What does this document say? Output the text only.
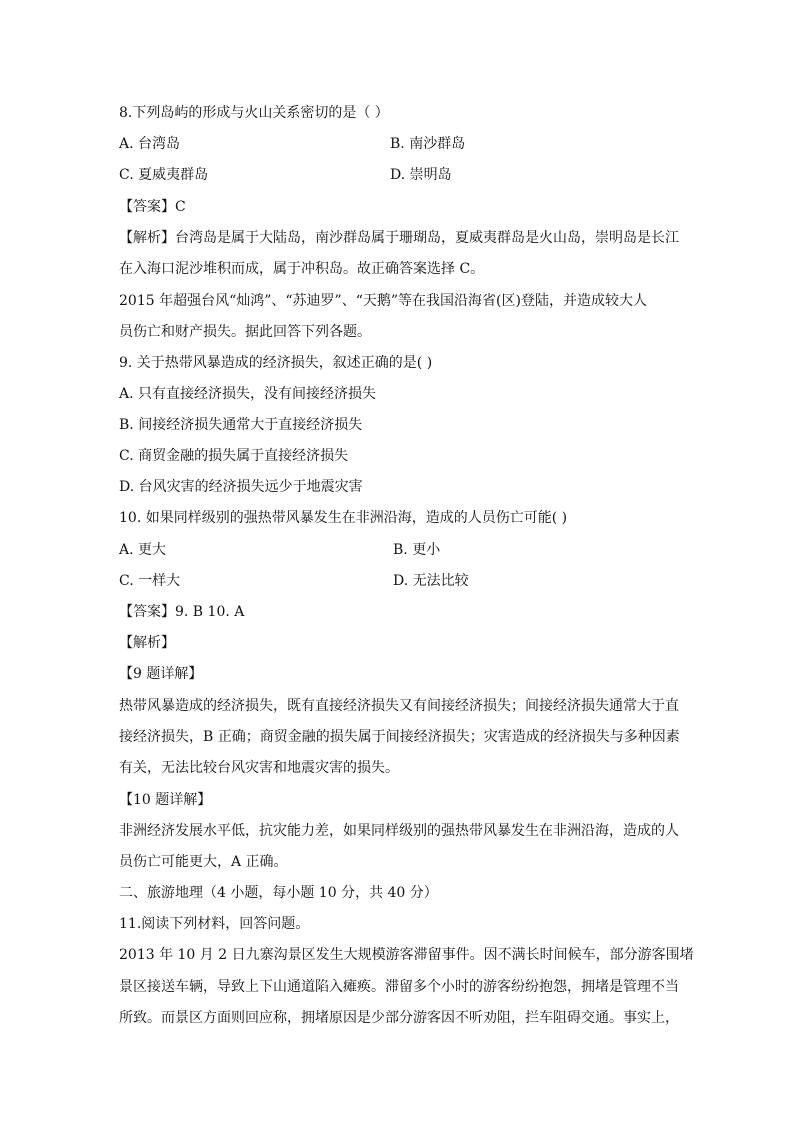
8.下列岛屿的形成与火山关系密切的是（ ）
A. 台湾岛	B. 南沙群岛
C. 夏威夷群岛	D. 崇明岛
【答案】C
【解析】台湾岛是属于大陆岛，南沙群岛属于珊瑚岛，夏威夷群岛是火山岛，崇明岛是长江
在入海口泥沙堆积而成，属于冲积岛。故正确答案选择 C。
2015 年超强台风“灿鸿”、“苏迪罗”、“天鹅”等在我国沿海省(区)登陆，并造成较大人
员伤亡和财产损失。据此回答下列各题。
9. 关于热带风暴造成的经济损失，叙述正确的是( )
A. 只有直接经济损失，没有间接经济损失
B. 间接经济损失通常大于直接经济损失
C. 商贸金融的损失属于直接经济损失
D. 台风灾害的经济损失远少于地震灾害
10. 如果同样级别的强热带风暴发生在非洲沿海，造成的人员伤亡可能( )
A. 更大	B. 更小
C. 一样大	D. 无法比较
【答案】9. B 10. A
【解析】
【9 题详解】
热带风暴造成的经济损失，既有直接经济损失又有间接经济损失；间接经济损失通常大于直
接经济损失，B 正确；商贸金融的损失属于间接经济损失；灾害造成的经济损失与多种因素
有关，无法比较台风灾害和地震灾害的损失。
【10 题详解】
非洲经济发展水平低，抗灾能力差，如果同样级别的强热带风暴发生在非洲沿海，造成的人
员伤亡可能更大，A 正确。
二、旅游地理（4 小题，每小题 10 分，共 40 分）
11.阅读下列材料，回答问题。
2013 年 10 月 2 日九寨沟景区发生大规模游客滞留事件。因不满长时间候车，部分游客围堵
景区接送车辆，导致上下山通道陷入瘫痪。滞留多个小时的游客纷纷抱怨，拥堵是管理不当
所致。而景区方面则回应称，拥堵原因是少部分游客因不听劝阻，拦车阻碍交通。事实上，
